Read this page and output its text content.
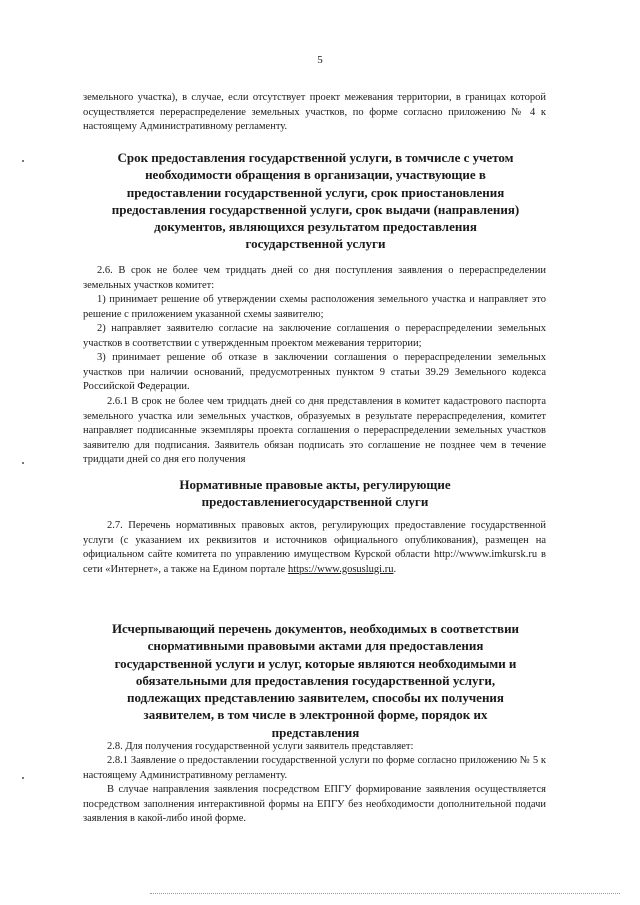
5

земельного участка), в случае, если отсутствует проект межевания территории, в границах которой осуществляется перераспределение земельных участков, по форме согласно приложению № 4 к настоящему Административному регламенту.

Срок предоставления государственной услуги, в томчисле с учетом необходимости обращения в организации, участвующие в предоставлении государственной услуги, срок приостановления предоставления государственной услуги, срок выдачи (направления) документов, являющихся результатом предоставления государственной услуги

2.6. В срок не более чем тридцать дней со дня поступления заявления о перераспределении земельных участков комитет:

1) принимает решение об утверждении схемы расположения земельного участка и направляет это решение с приложением указанной схемы заявителю;

2) направляет заявителю согласие на заключение соглашения о перераспределении земельных участков в соответствии с утвержденным проектом межевания территории;

3) принимает решение об отказе в заключении соглашения о перераспределении земельных участков при наличии оснований, предусмотренных пунктом 9 статьи 39.29 Земельного кодекса Российской Федерации.

2.6.1 В срок не более чем тридцать дней со дня представления в комитет кадастрового паспорта земельного участка или земельных участков, образуемых в результате перераспределения, комитет направляет подписанные экземпляры проекта соглашения о перераспределении земельных участков заявителю для подписания. Заявитель обязан подписать это соглашение не позднее чем в течение тридцати дней со дня его получения

Нормативные правовые акты, регулирующие предоставлениегосударственной слуги

2.7. Перечень нормативных правовых актов, регулирующих предоставление государственной услуги (с указанием их реквизитов и источников официального опубликования), размещен на официальном сайте комитета по управлению имуществом Курской области http://wwww.imkursk.ru в сети «Интернет», а также на Едином портале https://www.gosuslugi.ru.

Исчерпывающий перечень документов, необходимых в соответствии снормативными правовыми актами для предоставления государственной услуги и услуг, которые являются необходимыми и обязательными для предоставления государственной услуги, подлежащих представлению заявителем, способы их получения заявителем, в том числе в электронной форме, порядок их представления

2.8. Для получения государственной услуги заявитель представляет:

2.8.1 Заявление о предоставлении государственной услуги по форме согласно приложению № 5 к настоящему Административному регламенту.

В случае направления заявления посредством ЕПГУ формирование заявления осуществляется посредством заполнения интерактивной формы на ЕПГУ без необходимости дополнительной подачи заявления в какой-либо иной форме.
